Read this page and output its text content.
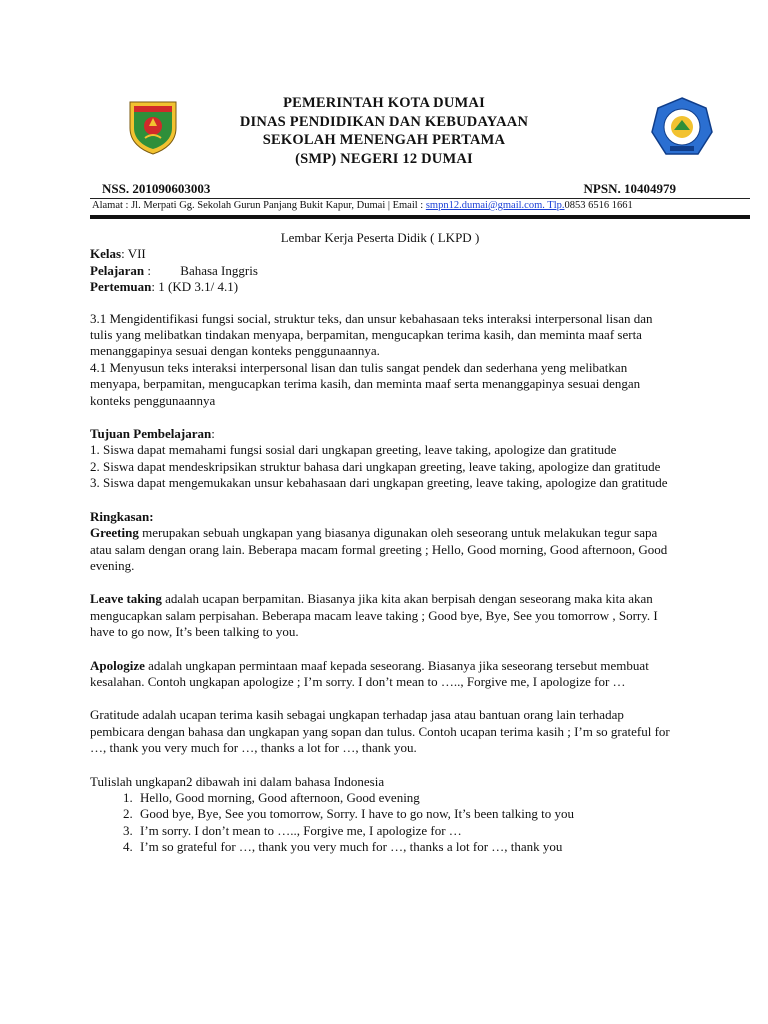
PEMERINTAH KOTA DUMAI
DINAS PENDIDIKAN DAN KEBUDAYAAN
SEKOLAH MENENGAH PERTAMA
(SMP) NEGERI 12 DUMAI
NSS. 201090603003	NPSN. 10404979
Alamat : Jl. Merpati Gg. Sekolah Gurun Panjang Bukit Kapur, Dumai | Email : smpn12.dumai@gmail.com. Tlp.0853 6516 1661
Lembar Kerja Peserta Didik ( LKPD )
Kelas: VII
Pelajaran :         Bahasa Inggris
Pertemuan: 1 (KD 3.1/ 4.1)

3.1 Mengidentifikasi fungsi social, struktur teks, dan unsur kebahasaan teks interaksi interpersonal lisan dan tulis yang melibatkan tindakan menyapa, berpamitan, mengucapkan terima kasih, dan meminta maaf serta menanggapinya sesuai dengan konteks penggunaannya.

4.1 Menyusun teks interaksi interpersonal lisan dan tulis sangat pendek dan sederhana yeng melibatkan menyapa, berpamitan, mengucapkan terima kasih, dan meminta maaf serta menanggapinya sesuai dengan konteks penggunaannya

Tujuan Pembelajaran:

1. Siswa dapat memahami fungsi sosial dari ungkapan greeting, leave taking, apologize dan gratitude

2. Siswa dapat mendeskripsikan struktur bahasa dari ungkapan greeting, leave taking, apologize dan gratitude

3. Siswa dapat mengemukakan unsur kebahasaan dari ungkapan greeting, leave taking, apologize dan gratitude

Ringkasan:

Greeting merupakan sebuah ungkapan yang biasanya digunakan oleh seseorang untuk melakukan tegur sapa atau salam dengan orang lain. Beberapa macam formal greeting ; Hello, Good morning, Good afternoon, Good evening.

Leave taking adalah ucapan berpamitan. Biasanya jika kita akan berpisah dengan seseorang maka kita akan mengucapkan salam perpisahan. Beberapa macam leave taking ; Good bye, Bye, See you tomorrow , Sorry. I have to go now, It’s been talking to you.

Apologize adalah ungkapan permintaan maaf kepada seseorang. Biasanya jika seseorang tersebut membuat kesalahan. Contoh ungkapan apologize ; I’m sorry. I don’t mean to ….., Forgive me, I apologize for …

Gratitude adalah ucapan terima kasih sebagai ungkapan terhadap jasa atau bantuan orang lain terhadap pembicara dengan bahasa dan ungkapan yang sopan dan tulus. Contoh ucapan terima kasih ; I’m so grateful for …, thank you very much for …, thanks a lot for …, thank you.

Tulislah ungkapan2 dibawah ini dalam bahasa Indonesia

1. Hello, Good morning, Good afternoon, Good evening
2. Good bye, Bye, See you tomorrow, Sorry. I have to go now, It’s been talking to you
3. I’m sorry. I don’t mean to ….., Forgive me, I apologize for …
4. I’m so grateful for …, thank you very much for …, thanks a lot for …, thank you
